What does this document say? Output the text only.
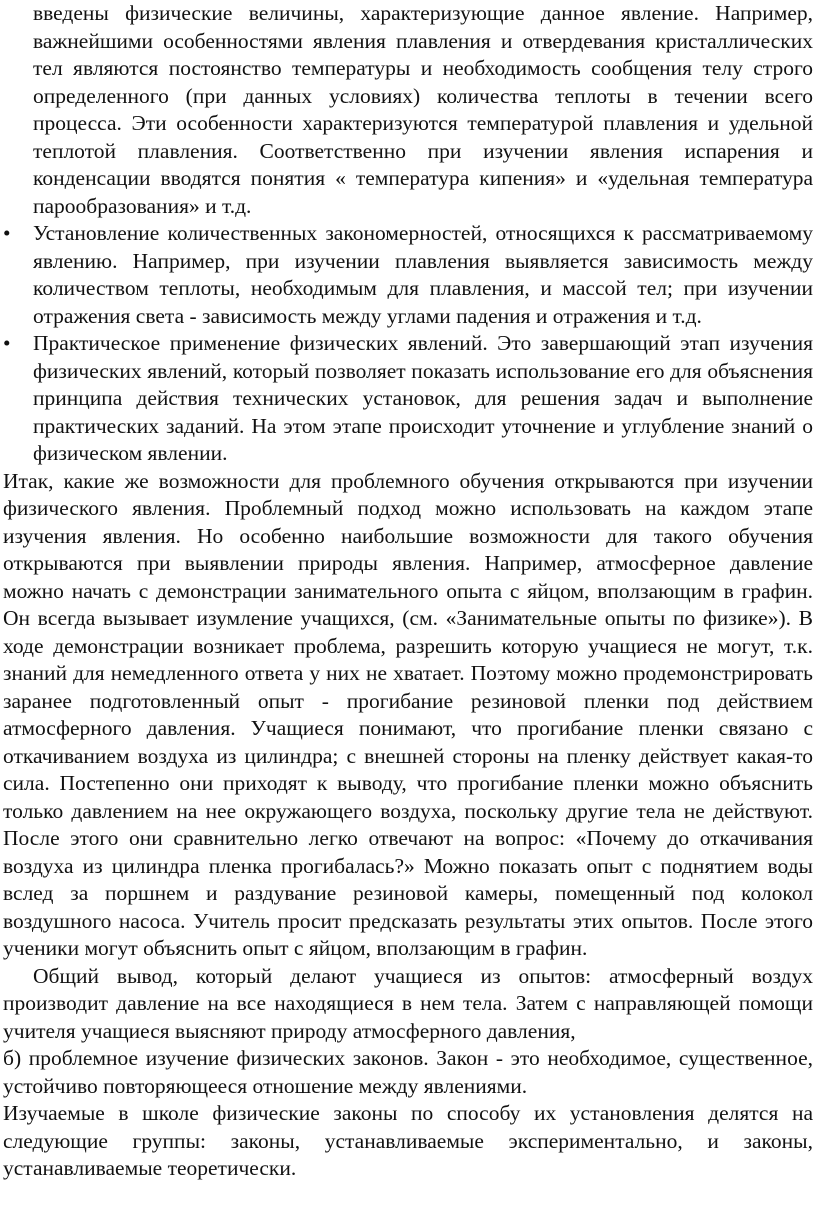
введены физические величины, характеризующие данное явление. Например, важнейшими особенностями явления плавления и отвердевания кристаллических тел являются постоянство температуры и необходимость сообщения телу строго определенного (при данных условиях) количества теплоты в течении всего процесса. Эти особенности характеризуются температурой плавления и удельной теплотой плавления. Соответственно при изучении явления испарения и конденсации вводятся понятия « температура кипения» и «удельная температура парообразования» и т.д.

•	Установление количественных закономерностей, относящихся к рассматриваемому явлению. Например, при изучении плавления выявляется зависимость между количеством теплоты, необходимым для плавления, и массой тел; при изучении отражения света - зависимость между углами падения и отражения и т.д.
•	Практическое применение физических явлений. Это завершающий этап изучения физических явлений, который позволяет показать использование его для объяснения принципа действия технических установок, для решения задач и выполнение практических заданий. На этом этапе происходит уточнение и углубление знаний о физическом явлении.

Итак, какие же возможности для проблемного обучения открываются при изучении физического явления. Проблемный подход можно использовать на каждом этапе изучения явления. Но особенно наибольшие возможности для такого обучения открываются при выявлении природы явления. Например, атмосферное давление можно начать с демонстрации занимательного опыта с яйцом, вползающим в графин. Он всегда вызывает изумление учащихся, (см. «Занимательные опыты по физике»). В ходе демонстрации возникает проблема, разрешить которую учащиеся не могут, т.к. знаний для немедленного ответа у них не хватает. Поэтому можно продемонстрировать заранее подготовленный опыт - прогибание резиновой пленки под действием атмосферного давления. Учащиеся понимают, что прогибание пленки связано с откачиванием воздуха из цилиндра; с внешней стороны на пленку действует какая-то сила. Постепенно они приходят к выводу, что прогибание пленки можно объяснить только давлением на нее окружающего воздуха, поскольку другие тела не действуют. После этого они сравнительно легко отвечают на вопрос: «Почему до откачивания воздуха из цилиндра пленка прогибалась?» Можно показать опыт с поднятием воды вслед за поршнем и раздувание резиновой камеры, помещенный под колокол воздушного насоса. Учитель просит предсказать результаты этих опытов. После этого ученики могут объяснить опыт с яйцом, вползающим в графин.

Общий вывод, который делают учащиеся из опытов: атмосферный воздух производит давление на все находящиеся в нем тела. Затем с направляющей помощи учителя учащиеся выясняют природу атмосферного давления,

б) проблемное изучение физических законов. Закон - это необходимое, существенное, устойчиво повторяющееся отношение между явлениями.

Изучаемые в школе физические законы по способу их установления делятся на следующие группы: законы, устанавливаемые экспериментально, и законы, устанавливаемые теоретически.
